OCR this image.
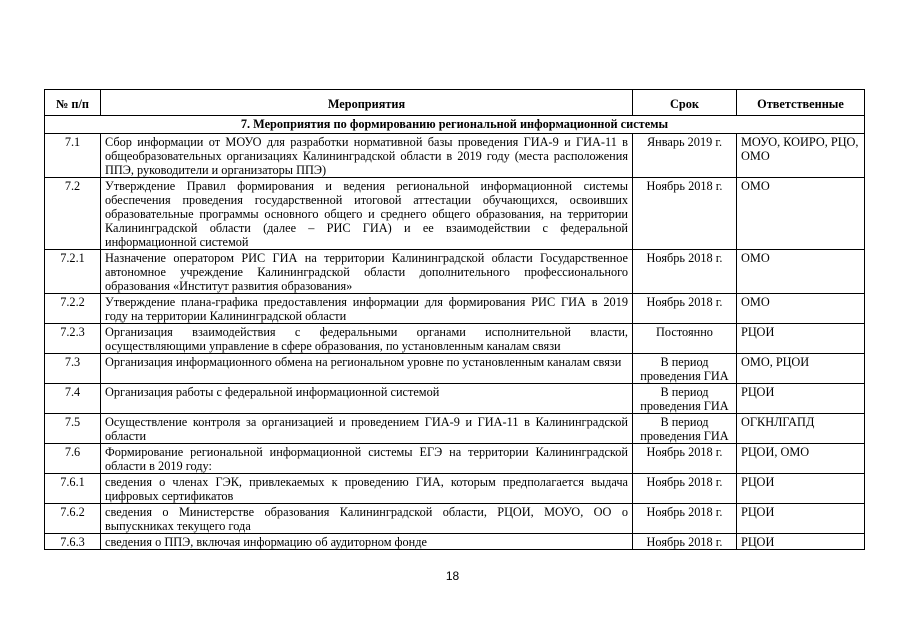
№ п/п	Мероприятия	Срок	Ответственные
7. Мероприятия по формированию региональной информационной системы			
7.1	Сбор информации от МОУО для разработки нормативной базы проведения ГИА-9 и ГИА-11 в общеобразовательных организациях Калининградской области в 2019 году (места расположения ППЭ, руководители и организаторы ППЭ)	Январь 2019 г.	МОУО, КОИРО, РЦО, ОМО
7.2	Утверждение Правил формирования и ведения региональной информационной системы обеспечения проведения государственной итоговой аттестации обучающихся, освоивших образовательные программы основного общего и среднего общего образования, на территории Калининградской области (далее – РИС ГИА) и ее взаимодействии с федеральной информационной системой	Ноябрь 2018 г.	ОМО
7.2.1	Назначение оператором РИС ГИА на территории Калининградской области Государственное автономное учреждение Калининградской области дополнительного профессионального образования «Институт развития образования»	Ноябрь 2018 г.	ОМО
7.2.2	Утверждение плана-графика предоставления информации для формирования РИС ГИА в 2019 году на территории Калининградской области	Ноябрь 2018 г.	ОМО
7.2.3	Организация взаимодействия с федеральными органами исполнительной власти, осуществляющими управление в сфере образования, по установленным каналам связи	Постоянно	РЦОИ
7.3	Организация информационного обмена на региональном уровне по установленным каналам связи	В период проведения ГИА	ОМО, РЦОИ
7.4	Организация работы с федеральной информационной системой	В период проведения ГИА	РЦОИ
7.5	Осуществление контроля за организацией и проведением ГИА-9 и ГИА-11 в Калининградской области	В период проведения ГИА	ОГКНЛГАПД
7.6	Формирование региональной информационной системы ЕГЭ на территории Калининградской области в 2019 году:	Ноябрь 2018 г.	РЦОИ, ОМО
7.6.1	сведения о членах ГЭК, привлекаемых к проведению ГИА, которым предполагается выдача цифровых сертификатов	Ноябрь 2018 г.	РЦОИ
7.6.2	сведения о Министерстве образования Калининградской области, РЦОИ, МОУО, ОО о выпускниках текущего года	Ноябрь 2018 г.	РЦОИ
7.6.3	сведения о ППЭ, включая информацию об аудиторном фонде	Ноябрь 2018 г.	РЦОИ
18
